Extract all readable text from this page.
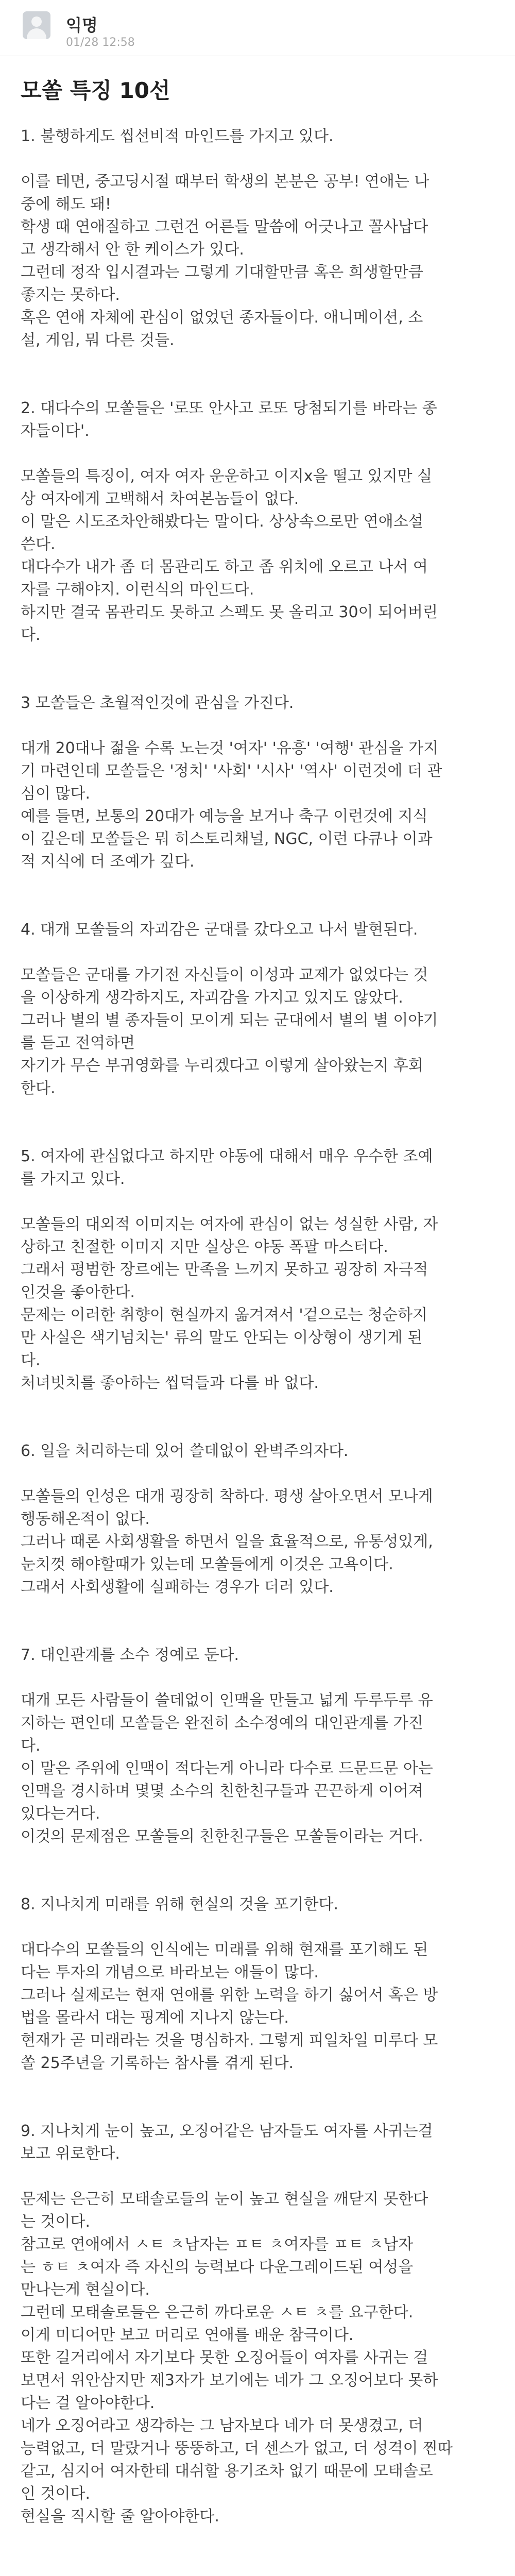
익명
01/28 12:58
모쏠 특징 10선

1. 불행하게도 씹선비적 마인드를 가지고 있다.

이를 테면, 중고딩시절 때부터 학생의 본분은 공부! 연애는 나

중에 해도 돼!

학생 때 연애질하고 그런건 어른들 말씀에 어긋나고 꼴사납다

고 생각해서 안 한 케이스가 있다.

그런데 정작 입시결과는 그렇게 기대할만큼 혹은 희생할만큼

좋지는 못하다.

혹은 연애 자체에 관심이 없었던 종자들이다. 애니메이션, 소

설, 게임, 뭐 다른 것들.

2. 대다수의 모쏠들은 '로또 안사고 로또 당첨되기를 바라는 종

자들이다'.

모쏠들의 특징이, 여자 여자 운운하고 이지x을 떨고 있지만 실

상 여자에게 고백해서 차여본놈들이 없다.

이 말은 시도조차안해봤다는 말이다. 상상속으로만 연애소설

쓴다.

대다수가 내가 좀 더 몸관리도 하고 좀 위치에 오르고 나서 여

자를 구해야지. 이런식의 마인드다.

하지만 결국 몸관리도 못하고 스펙도 못 올리고 30이 되어버린

다.

3 모쏠들은 초월적인것에 관심을 가진다.

대개 20대나 젊을 수록 노는것 '여자' '유흥' '여행' 관심을 가지

기 마련인데 모쏠들은 '정치' '사회' '시사' '역사' 이런것에 더 관

심이 많다.

예를 들면, 보통의 20대가 예능을 보거나 축구 이런것에 지식

이 깊은데 모쏠들은 뭐 히스토리채널, NGC, 이런 다큐나 이과

적 지식에 더 조예가 깊다.

4. 대개 모쏠들의 자괴감은 군대를 갔다오고 나서 발현된다.

모쏠들은 군대를 가기전 자신들이 이성과 교제가 없었다는 것

을 이상하게 생각하지도, 자괴감을 가지고 있지도 않았다.

그러나 별의 별 종자들이 모이게 되는 군대에서 별의 별 이야기

를 듣고 전역하면

자기가 무슨 부귀영화를 누리겠다고 이렇게 살아왔는지 후회

한다.

5. 여자에 관심없다고 하지만 야동에 대해서 매우 우수한 조예

를 가지고 있다.

모쏠들의 대외적 이미지는 여자에 관심이 없는 성실한 사람, 자

상하고 친절한 이미지 지만 실상은 야동 폭팔 마스터다.

그래서 평범한 장르에는 만족을 느끼지 못하고 굉장히 자극적

인것을 좋아한다.

문제는 이러한 취향이 현실까지 옮겨져서 '겉으로는 청순하지

만 사실은 색기넘치는' 류의 말도 안되는 이상형이 생기게 된

다.

처녀빗치를 좋아하는 씹덕들과 다를 바 없다.

6. 일을 처리하는데 있어 쓸데없이 완벽주의자다.

모쏠들의 인성은 대개 굉장히 착하다. 평생 살아오면서 모나게

행동해온적이 없다.

그러나 때론 사회생활을 하면서 일을 효율적으로, 유통성있게,

눈치껏 해야할때가 있는데 모쏠들에게 이것은 고욕이다.

그래서 사회생활에 실패하는 경우가 더러 있다.

7. 대인관계를 소수 정예로 둔다.

대개 모든 사람들이 쓸데없이 인맥을 만들고 넓게 두루두루 유

지하는 편인데 모쏠들은 완전히 소수정예의 대인관계를 가진

다.

이 말은 주위에 인맥이 적다는게 아니라 다수로 드문드문 아는

인맥을 경시하며 몇몇 소수의 친한친구들과 끈끈하게 이어져

있다는거다.

이것의 문제점은 모쏠들의 친한친구들은 모쏠들이라는 거다.

8. 지나치게 미래를 위해 현실의 것을 포기한다.

대다수의 모쏠들의 인식에는 미래를 위해 현재를 포기해도 된

다는 투자의 개념으로 바라보는 애들이 많다.

그러나 실제로는 현재 연애를 위한 노력을 하기 싫어서 혹은 방

법을 몰라서 대는 핑계에 지나지 않는다.

현재가 곧 미래라는 것을 명심하자. 그렇게 피일차일 미루다 모

쏠 25주년을 기록하는 참사를 겪게 된다.

9. 지나치게 눈이 높고, 오징어같은 남자들도 여자를 사귀는걸

보고 위로한다.

문제는 은근히 모태솔로들의 눈이 높고 현실을 깨닫지 못한다

는 것이다.

참고로 연애에서 ㅅㅌ ㅊ남자는 ㅍㅌ ㅊ여자를 ㅍㅌ ㅊ남자

는 ㅎㅌ ㅊ여자 즉 자신의 능력보다 다운그레이드된 여성을

만나는게 현실이다.

그런데 모태솔로들은 은근히 까다로운 ㅅㅌ ㅊ를 요구한다.

이게 미디어만 보고 머리로 연애를 배운 참극이다.

또한 길거리에서 자기보다 못한 오징어들이 여자를 사귀는 걸

보면서 위안삼지만 제3자가 보기에는 네가 그 오징어보다 못하

다는 걸 알아야한다.

네가 오징어라고 생각하는 그 남자보다 네가 더 못생겼고, 더

능력없고, 더 말랐거나 뚱뚱하고, 더 센스가 없고, 더 성격이 찐따

같고, 심지어 여자한테 대쉬할 용기조차 없기 때문에 모태솔로

인 것이다.

현실을 직시할 줄 알아야한다.
